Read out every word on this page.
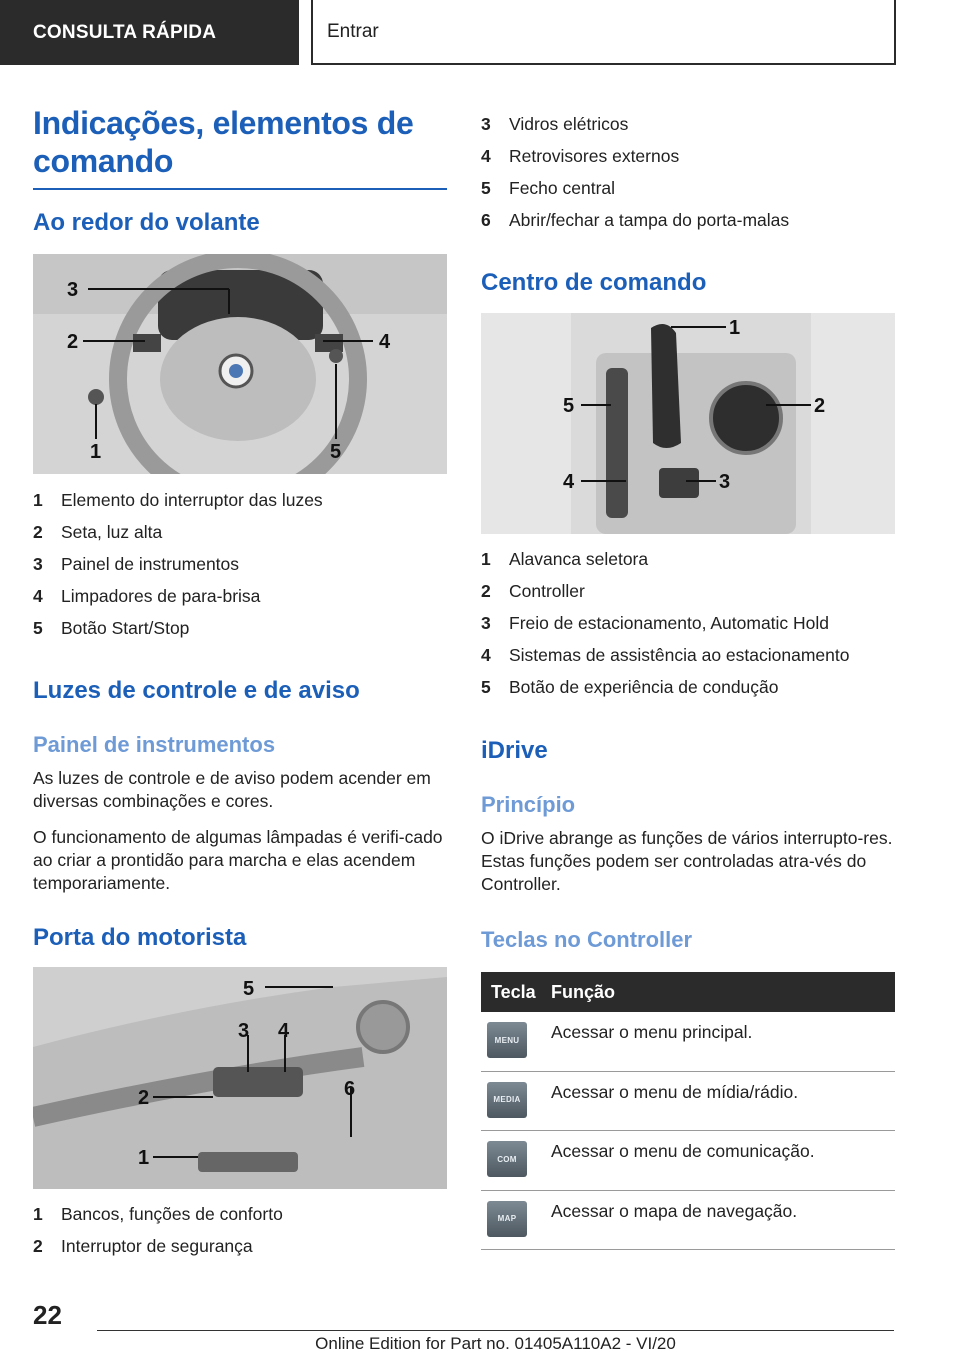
CONSULTA RÁPIDA	Entrar
Indicações, elementos de comando
Ao redor do volante
3
2	4
1	5
1	Elemento do interruptor das luzes
2	Seta, luz alta
3	Painel de instrumentos
4	Limpadores de para-brisa
5	Botão Start/Stop
Luzes de controle e de aviso
Painel de instrumentos

As luzes de controle e de aviso podem acender em diversas combinações e cores.

O funcionamento de algumas lâmpadas é verifi-cado ao criar a prontidão para marcha e elas acendem temporariamente.

Porta do motorista
5
3 4
2	6
1
1	Bancos, funções de conforto
2	Interruptor de segurança
3	Vidros elétricos
4	Retrovisores externos
5	Fecho central
6	Abrir/fechar a tampa do porta-malas
Centro de comando
1
5	2
4	3
1	Alavanca seletora
2	Controller
3	Freio de estacionamento, Automatic Hold
4	Sistemas de assistência ao estacionamento
5	Botão de experiência de condução
iDrive
Princípio

O iDrive abrange as funções de vários interrupto-res. Estas funções podem ser controladas atra-vés do Controller.

Teclas no Controller
Tecla Função
MENU	Acessar o menu principal.
MEDIA	Acessar o menu de mídia/rádio.
COM	Acessar o menu de comunicação.
MAP	Acessar o mapa de navegação.
22
Online Edition for Part no. 01405A110A2 - VI/20
